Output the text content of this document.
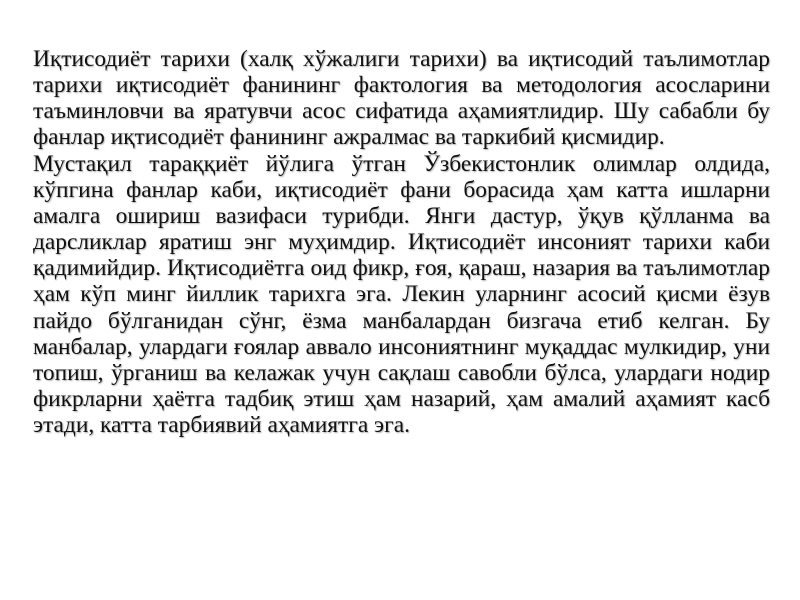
Иқтисодиёт тарихи (халқ хўжалиги тарихи) ва иқтисодий таълимотлар тарихи иқтисодиёт фанининг фактология ва методология асосларини таъминловчи ва яратувчи асос сифатида аҳамиятлидир. Шу сабабли бу фанлар иқтисодиёт фанининг ажралмас ва таркибий қисмидир.

Мустақил тараққиёт йўлига ўтган Ўзбекистонлик олимлар олдида, кўпгина фанлар каби, иқтисодиёт фани борасида ҳам катта ишларни амалга ошириш вазифаси турибди. Янги дастур, ўқув қўлланма ва дарсликлар яратиш энг муҳимдир. Иқтисодиёт инсоният тарихи каби қадимийдир. Иқтисодиётга оид фикр, ғоя, қараш, назария ва таълимотлар ҳам кўп минг йиллик тарихга эга. Лекин уларнинг асосий қисми ёзув пайдо бўлганидан сўнг, ёзма манбалардан бизгача етиб келган. Бу манбалар, улардаги ғоялар аввало инсониятнинг муқаддас мулкидир, уни топиш, ўрганиш ва келажак учун сақлаш савобли бўлса, улардаги нодир фикрларни ҳаётга тадбиқ этиш ҳам назарий, ҳам амалий аҳамият касб этади, катта тарбиявий аҳамиятга эга.
